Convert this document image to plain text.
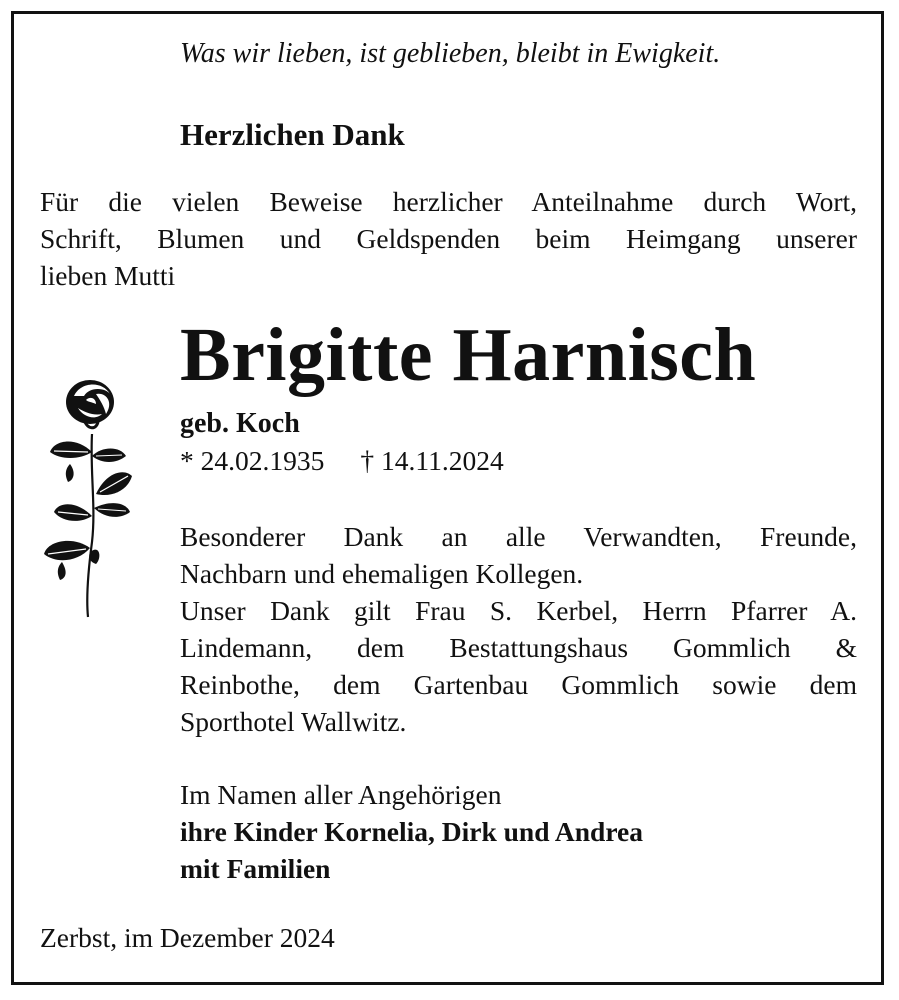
Was wir lieben, ist geblieben, bleibt in Ewigkeit.
Herzlichen Dank
Für die vielen Beweise herzlicher Anteilnahme durch Wort,
Schrift, Blumen und Geldspenden beim Heimgang unserer
lieben Mutti
Brigitte Harnisch
geb. Koch
* 24.02.1935 † 14.11.2024
Besonderer Dank an alle Verwandten, Freunde,
Nachbarn und ehemaligen Kollegen.
Unser Dank gilt Frau S. Kerbel, Herrn Pfarrer A.
Lindemann, dem Bestattungshaus Gommlich &
Reinbothe, dem Gartenbau Gommlich sowie dem
Sporthotel Wallwitz.
Im Namen aller Angehörigen
ihre Kinder Kornelia, Dirk und Andrea
mit Familien
Zerbst, im Dezember 2024
